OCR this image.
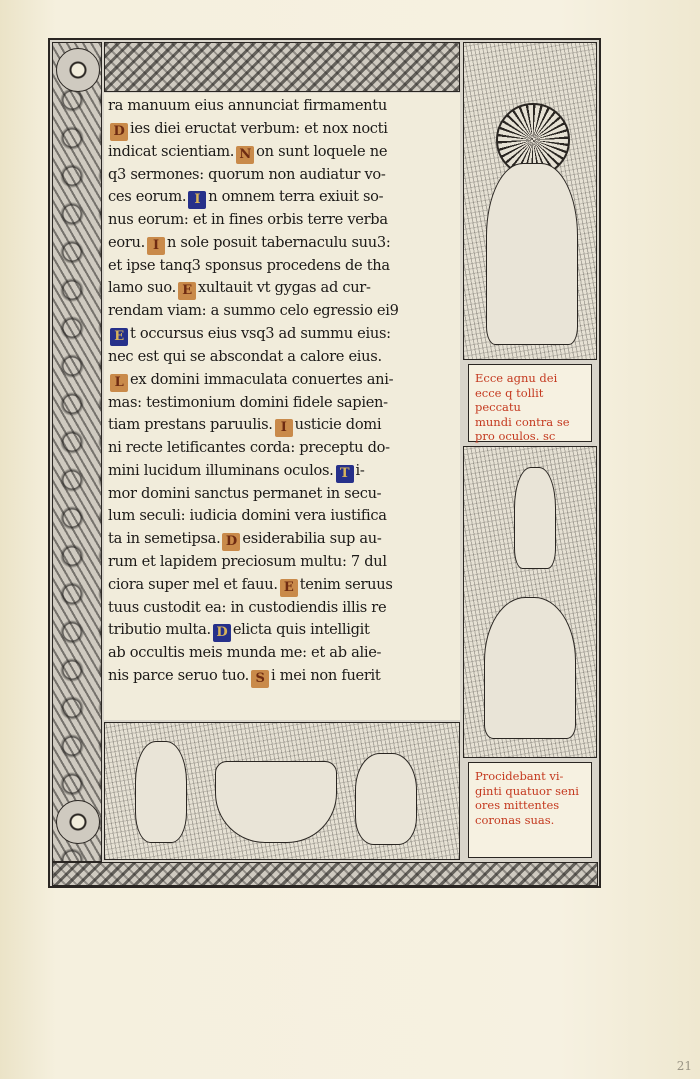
ra manuum eius annunciat firmamentu
D ies diei eructat verbum: et nox nocti
indicat scientiam. N on sunt loquele ne
q3 sermones: quorum non audiatur vo-
ces eorum. I n omnem terra exiuit so-
nus eorum: et in fines orbis terre verba
eoru. I n sole posuit tabernaculu suu3:
et ipse tanq3 sponsus procedens de tha
lamo suo. E xultauit vt gygas ad cur-
rendam viam: a summo celo egressio ei9
E t occursus eius vsq3 ad summu eius:
nec est qui se abscondat a calore eius.
L ex domini immaculata conuertes ani-
mas: testimonium domini fidele sapien-
tiam prestans paruulis. I usticie domi
ni recte letificantes corda: preceptu do-
mini lucidum illuminans oculos. T i-
mor domini sanctus permanet in secu-
lum seculi: iudicia domini vera iustifica
ta in semetipsa. D esiderabilia sup au-
rum et lapidem preciosum multu: 7 dul
ciora super mel et fauu. E tenim seruus
tuus custodit ea: in custodiendis illis re
tributio multa. D elicta quis intelligit
ab occultis meis munda me: et ab alie-
nis parce seruo tuo. S i mei non fuerit
Ecce agnu dei
ecce q tollit peccatu
mundi contra se
pro oculos. sc
Procidebant vi-
ginti quatuor seni
ores mittentes
coronas suas.
21
